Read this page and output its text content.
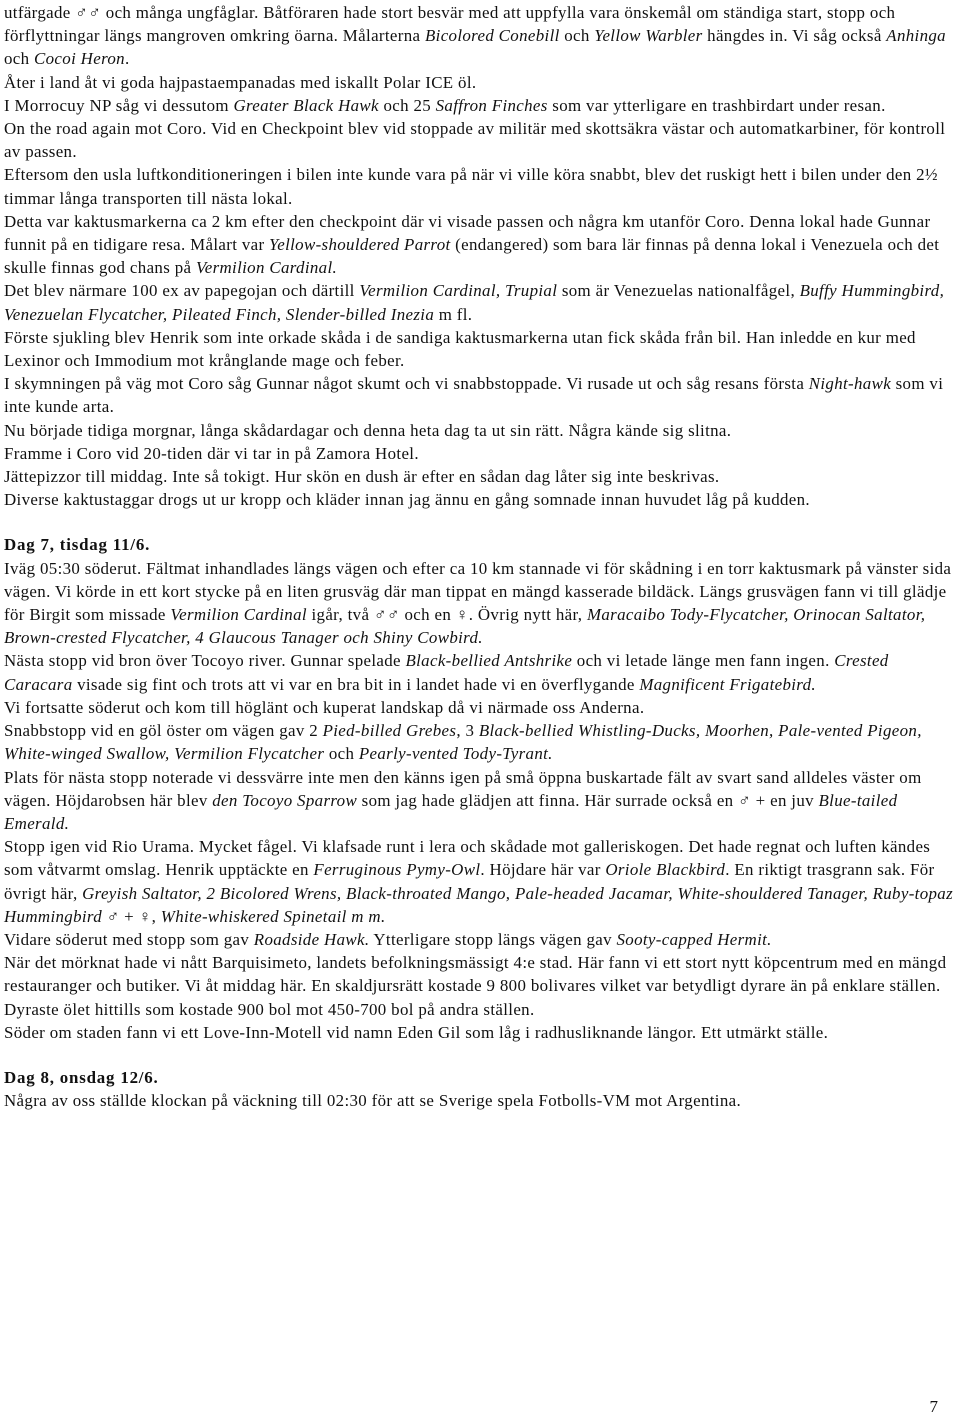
utfärgade ♂♂ och många ungfåglar. Båtföraren hade stort besvär med att uppfylla vara önskemål om ständiga start, stopp och förflyttningar längs mangroven omkring öarna. Målarterna Bicolored Conebill och Yellow Warbler hängdes in. Vi såg också Anhinga och Cocoi Heron.

Åter i land åt vi goda hajpastaempanadas med iskallt Polar ICE öl.

I Morrocuy NP såg vi dessutom Greater Black Hawk och 25 Saffron Finches som var ytterligare en trashbirdart under resan.

On the road again mot Coro. Vid en Checkpoint blev vid stoppade av militär med skottsäkra västar och automatkarbiner, för kontroll av passen.

Eftersom den usla luftkonditioneringen i bilen inte kunde vara på när vi ville köra snabbt, blev det ruskigt hett i bilen under den 2½ timmar långa transporten till nästa lokal.

Detta var kaktusmarkerna ca 2 km efter den checkpoint där vi visade passen och några km utanför Coro. Denna lokal hade Gunnar funnit på en tidigare resa. Målart var Yellow-shouldered Parrot (endangered) som bara lär finnas på denna lokal i Venezuela och det skulle finnas god chans på Vermilion Cardinal.

Det blev närmare 100 ex av papegojan och därtill Vermilion Cardinal, Trupial som är Venezuelas nationalfågel, Buffy Hummingbird, Venezuelan Flycatcher, Pileated Finch, Slender-billed Inezia m fl.

Förste sjukling blev Henrik som inte orkade skåda i de sandiga kaktusmarkerna utan fick skåda från bil. Han inledde en kur med Lexinor och Immodium mot krånglande mage och feber.

I skymningen på väg mot Coro såg Gunnar något skumt och vi snabbstoppade. Vi rusade ut och såg resans första Night-hawk som vi inte kunde arta.

Nu började tidiga morgnar, långa skådardagar och denna heta dag ta ut sin rätt. Några kände sig slitna.

Framme i Coro vid 20-tiden där vi tar in på Zamora Hotel.

Jättepizzor till middag. Inte så tokigt. Hur skön en dush är efter en sådan dag låter sig inte beskrivas.

Diverse kaktustaggar drogs ut ur kropp och kläder innan jag ännu en gång somnade innan huvudet låg på kudden.

Dag 7, tisdag 11/6.

Iväg 05:30 söderut. Fältmat inhandlades längs vägen och efter ca 10 km stannade vi för skådning i en torr kaktusmark på vänster sida vägen. Vi körde in ett kort stycke på en liten grusväg där man tippat en mängd kasserade bildäck. Längs grusvägen fann vi till glädje för Birgit som missade Vermilion Cardinal igår, två ♂♂ och en ♀. Övrig nytt här, Maracaibo Tody-Flycatcher, Orinocan Saltator, Brown-crested Flycatcher, 4 Glaucous Tanager och Shiny Cowbird.

Nästa stopp vid bron över Tocoyo river. Gunnar spelade Black-bellied Antshrike och vi letade länge men fann ingen. Crested Caracara visade sig fint och trots att vi var en bra bit in i landet hade vi en överflygande Magnificent Frigatebird.

Vi fortsatte söderut och kom till höglänt och kuperat landskap då vi närmade oss Anderna.

Snabbstopp vid en göl öster om vägen gav 2 Pied-billed Grebes, 3 Black-bellied Whistling-Ducks, Moorhen, Pale-vented Pigeon, White-winged Swallow, Vermilion Flycatcher och Pearly-vented Tody-Tyrant.

Plats för nästa stopp noterade vi dessvärre inte men den känns igen på små öppna buskartade fält av svart sand alldeles väster om vägen. Höjdarobsen här blev den Tocoyo Sparrow som jag hade glädjen att finna. Här surrade också en ♂ + en juv Blue-tailed Emerald.

Stopp igen vid Rio Urama. Mycket fågel. Vi klafsade runt i lera och skådade mot galleriskogen. Det hade regnat och luften kändes som våtvarmt omslag. Henrik upptäckte en Ferruginous Pymy-Owl. Höjdare här var Oriole Blackbird. En riktigt trasgrann sak. För övrigt här, Greyish Saltator, 2 Bicolored Wrens, Black-throated Mango, Pale-headed Jacamar, White-shouldered Tanager, Ruby-topaz Hummingbird ♂ + ♀, White-whiskered Spinetail m m.

Vidare söderut med stopp som gav Roadside Hawk. Ytterligare stopp längs vägen gav Sooty-capped Hermit.

När det mörknat hade vi nått Barquisimeto, landets befolkningsmässigt 4:e stad. Här fann vi ett stort nytt köpcentrum med en mängd restauranger och butiker. Vi åt middag här. En skaldjursrätt kostade 9 800 bolivares vilket var betydligt dyrare än på enklare ställen. Dyraste ölet hittills som kostade 900 bol mot 450-700 bol på andra ställen.

Söder om staden fann vi ett Love-Inn-Motell vid namn Eden Gil som låg i radhusliknande längor. Ett utmärkt ställe.

Dag 8, onsdag 12/6.

Några av oss ställde klockan på väckning till 02:30 för att se Sverige spela Fotbolls-VM mot Argentina.

7
